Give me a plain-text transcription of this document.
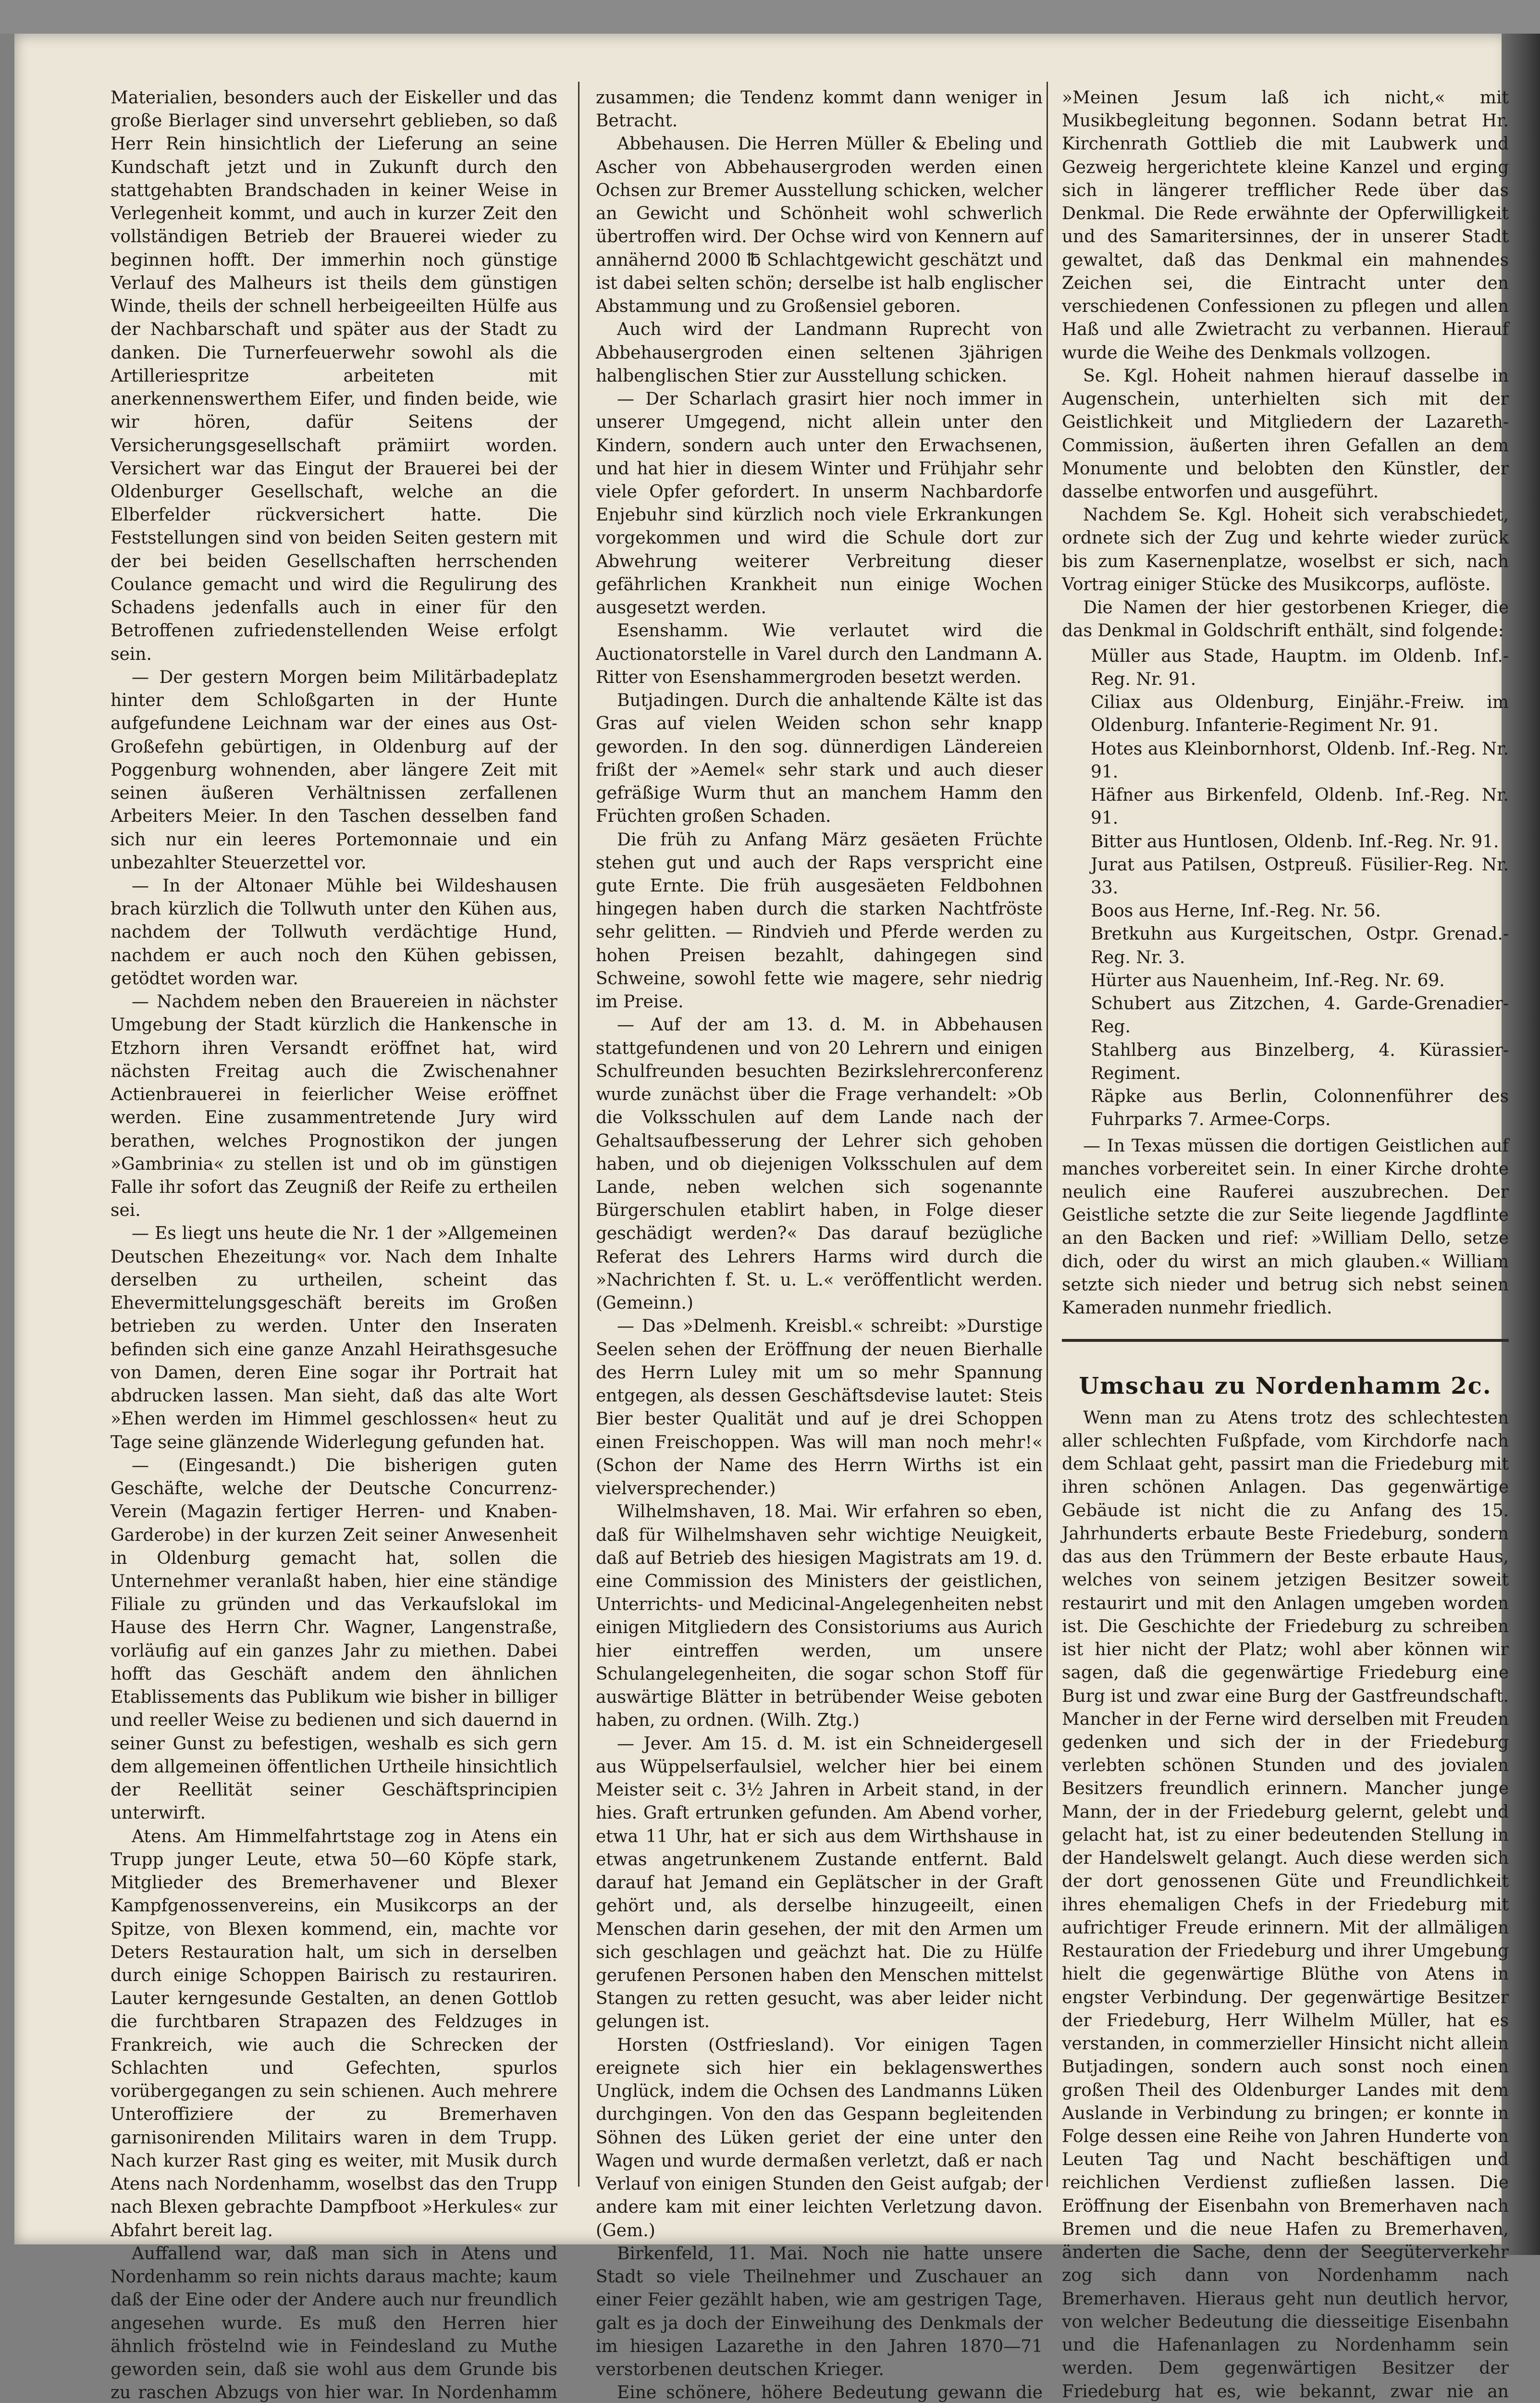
Materialien, besonders auch der Eiskeller und das große Bierlager sind unversehrt geblieben, so daß Herr Rein hinsichtlich der Lieferung an seine Kundschaft jetzt und in Zukunft durch den stattgehabten Brandschaden in keiner Weise in Verlegenheit kommt, und auch in kurzer Zeit den vollständigen Betrieb der Brauerei wieder zu beginnen hofft. Der immerhin noch günstige Verlauf des Malheurs ist theils dem günstigen Winde, theils der schnell herbeigeeilten Hülfe aus der Nachbarschaft und später aus der Stadt zu danken. Die Turnerfeuerwehr sowohl als die Artilleriespritze arbeiteten mit anerkennenswerthem Eifer, und finden beide, wie wir hören, dafür Seitens der Versicherungsgesellschaft prämiirt worden. Versichert war das Eingut der Brauerei bei der Oldenburger Gesellschaft, welche an die Elberfelder rückversichert hatte. Die Feststellungen sind von beiden Seiten gestern mit der bei beiden Gesellschaften herrschenden Coulance gemacht und wird die Regulirung des Schadens jedenfalls auch in einer für den Betroffenen zufriedenstellenden Weise erfolgt sein.

— Der gestern Morgen beim Militärbadeplatz hinter dem Schloßgarten in der Hunte aufgefundene Leichnam war der eines aus Ost-Großefehn gebürtigen, in Oldenburg auf der Poggenburg wohnenden, aber längere Zeit mit seinen äußeren Verhältnissen zerfallenen Arbeiters Meier. In den Taschen desselben fand sich nur ein leeres Portemonnaie und ein unbezahlter Steuerzettel vor.

— In der Altonaer Mühle bei Wildeshausen brach kürzlich die Tollwuth unter den Kühen aus, nachdem der Tollwuth verdächtige Hund, nachdem er auch noch den Kühen gebissen, getödtet worden war.

— Nachdem neben den Brauereien in nächster Umgebung der Stadt kürzlich die Hankensche in Etzhorn ihren Versandt eröffnet hat, wird nächsten Freitag auch die Zwischenahner Actienbrauerei in feierlicher Weise eröffnet werden. Eine zusammentretende Jury wird berathen, welches Prognostikon der jungen »Gambrinia« zu stellen ist und ob im günstigen Falle ihr sofort das Zeugniß der Reife zu ertheilen sei.

— Es liegt uns heute die Nr. 1 der »Allgemeinen Deutschen Ehezeitung« vor. Nach dem Inhalte derselben zu urtheilen, scheint das Ehevermittelungsgeschäft bereits im Großen betrieben zu werden. Unter den Inseraten befinden sich eine ganze Anzahl Heirathsgesuche von Damen, deren Eine sogar ihr Portrait hat abdrucken lassen. Man sieht, daß das alte Wort »Ehen werden im Himmel geschlossen« heut zu Tage seine glänzende Widerlegung gefunden hat.

— (Eingesandt.) Die bisherigen guten Geschäfte, welche der Deutsche Concurrenz-Verein (Magazin fertiger Herren- und Knaben-Garderobe) in der kurzen Zeit seiner Anwesenheit in Oldenburg gemacht hat, sollen die Unternehmer veranlaßt haben, hier eine ständige Filiale zu gründen und das Verkaufslokal im Hause des Herrn Chr. Wagner, Langenstraße, vorläufig auf ein ganzes Jahr zu miethen. Dabei hofft das Geschäft andem den ähnlichen Etablissements das Publikum wie bisher in billiger und reeller Weise zu bedienen und sich dauernd in seiner Gunst zu befestigen, weshalb es sich gern dem allgemeinen öffentlichen Urtheile hinsichtlich der Reellität seiner Geschäftsprincipien unterwirft.

Atens. Am Himmelfahrtstage zog in Atens ein Trupp junger Leute, etwa 50—60 Köpfe stark, Mitglieder des Bremerhavener und Blexer Kampfgenossenvereins, ein Musikcorps an der Spitze, von Blexen kommend, ein, machte vor Deters Restauration halt, um sich in derselben durch einige Schoppen Bairisch zu restauriren. Lauter kerngesunde Gestalten, an denen Gottlob die furchtbaren Strapazen des Feldzuges in Frankreich, wie auch die Schrecken der Schlachten und Gefechten, spurlos vorübergegangen zu sein schienen. Auch mehrere Unteroffiziere der zu Bremerhaven garnisonirenden Militairs waren in dem Trupp. Nach kurzer Rast ging es weiter, mit Musik durch Atens nach Nordenhamm, woselbst das den Trupp nach Blexen gebrachte Dampfboot »Herkules« zur Abfahrt bereit lag.

Auffallend war, daß man sich in Atens und Nordenhamm so rein nichts daraus machte; kaum daß der Eine oder der Andere auch nur freundlich angesehen wurde. Es muß den Herren hier ähnlich fröstelnd wie in Feindesland zu Muthe geworden sein, daß sie wohl aus dem Grunde bis zu raschen Abzugs von hier war. In Nordenhamm

zusammen; die Tendenz kommt dann weniger in Betracht.

Abbehausen. Die Herren Müller & Ebeling und Ascher von Abbehausergroden werden einen Ochsen zur Bremer Ausstellung schicken, welcher an Gewicht und Schönheit wohl schwerlich übertroffen wird. Der Ochse wird von Kennern auf annähernd 2000 ℔ Schlachtgewicht geschätzt und ist dabei selten schön; derselbe ist halb englischer Abstammung und zu Großensiel geboren.

Auch wird der Landmann Ruprecht von Abbehausergroden einen seltenen 3jährigen halbenglischen Stier zur Ausstellung schicken.

— Der Scharlach grasirt hier noch immer in unserer Umgegend, nicht allein unter den Kindern, sondern auch unter den Erwachsenen, und hat hier in diesem Winter und Frühjahr sehr viele Opfer gefordert. In unserm Nachbardorfe Enjebuhr sind kürzlich noch viele Erkrankungen vorgekommen und wird die Schule dort zur Abwehrung weiterer Verbreitung dieser gefährlichen Krankheit nun einige Wochen ausgesetzt werden.

Esenshamm. Wie verlautet wird die Auctionatorstelle in Varel durch den Landmann A. Ritter von Esenshammergroden besetzt werden.

Butjadingen. Durch die anhaltende Kälte ist das Gras auf vielen Weiden schon sehr knapp geworden. In den sog. dünnerdigen Ländereien frißt der »Aemel« sehr stark und auch dieser gefräßige Wurm thut an manchem Hamm den Früchten großen Schaden.

Die früh zu Anfang März gesäeten Früchte stehen gut und auch der Raps verspricht eine gute Ernte. Die früh ausgesäeten Feldbohnen hingegen haben durch die starken Nachtfröste sehr gelitten. — Rindvieh und Pferde werden zu hohen Preisen bezahlt, dahingegen sind Schweine, sowohl fette wie magere, sehr niedrig im Preise.

— Auf der am 13. d. M. in Abbehausen stattgefundenen und von 20 Lehrern und einigen Schulfreunden besuchten Bezirkslehrerconferenz wurde zunächst über die Frage verhandelt: »Ob die Volksschulen auf dem Lande nach der Gehaltsaufbesserung der Lehrer sich gehoben haben, und ob diejenigen Volksschulen auf dem Lande, neben welchen sich sogenannte Bürgerschulen etablirt haben, in Folge dieser geschädigt werden?« Das darauf bezügliche Referat des Lehrers Harms wird durch die »Nachrichten f. St. u. L.« veröffentlicht werden. (Gemeinn.)

— Das »Delmenh. Kreisbl.« schreibt: »Durstige Seelen sehen der Eröffnung der neuen Bierhalle des Herrn Luley mit um so mehr Spannung entgegen, als dessen Geschäftsdevise lautet: Steis Bier bester Qualität und auf je drei Schoppen einen Freischoppen. Was will man noch mehr!« (Schon der Name des Herrn Wirths ist ein vielversprechender.)

Wilhelmshaven, 18. Mai. Wir erfahren so eben, daß für Wilhelmshaven sehr wichtige Neuigkeit, daß auf Betrieb des hiesigen Magistrats am 19. d. eine Commission des Ministers der geistlichen, Unterrichts- und Medicinal-Angelegenheiten nebst einigen Mitgliedern des Consistoriums aus Aurich hier eintreffen werden, um unsere Schulangelegenheiten, die sogar schon Stoff für auswärtige Blätter in betrübender Weise geboten haben, zu ordnen. (Wilh. Ztg.)

— Jever. Am 15. d. M. ist ein Schneidergesell aus Wüppelserfaulsiel, welcher hier bei einem Meister seit c. 3½ Jahren in Arbeit stand, in der hies. Graft ertrunken gefunden. Am Abend vorher, etwa 11 Uhr, hat er sich aus dem Wirthshause in etwas angetrunkenem Zustande entfernt. Bald darauf hat Jemand ein Geplätscher in der Graft gehört und, als derselbe hinzugeeilt, einen Menschen darin gesehen, der mit den Armen um sich geschlagen und geächzt hat. Die zu Hülfe gerufenen Personen haben den Menschen mittelst Stangen zu retten gesucht, was aber leider nicht gelungen ist.

Horsten (Ostfriesland). Vor einigen Tagen ereignete sich hier ein beklagenswerthes Unglück, indem die Ochsen des Landmanns Lüken durchgingen. Von den das Gespann begleitenden Söhnen des Lüken geriet der eine unter den Wagen und wurde dermaßen verletzt, daß er nach Verlauf von einigen Stunden den Geist aufgab; der andere kam mit einer leichten Verletzung davon. (Gem.)

Birkenfeld, 11. Mai. Noch nie hatte unsere Stadt so viele Theilnehmer und Zuschauer an einer Feier gezählt haben, wie am gestrigen Tage, galt es ja doch der Einweihung des Denkmals der im hiesigen Lazarethe in den Jahren 1870—71 verstorbenen deutschen Krieger.

Eine schönere, höhere Bedeutung gewann die

»Meinen Jesum laß ich nicht,« mit Musikbegleitung begonnen. Sodann betrat Hr. Kirchenrath Gottlieb die mit Laubwerk und Gezweig hergerichtete kleine Kanzel und erging sich in längerer trefflicher Rede über das Denkmal. Die Rede erwähnte der Opferwilligkeit und des Samaritersinnes, der in unserer Stadt gewaltet, daß das Denkmal ein mahnendes Zeichen sei, die Eintracht unter den verschiedenen Confessionen zu pflegen und allen Haß und alle Zwietracht zu verbannen. Hierauf wurde die Weihe des Denkmals vollzogen.

Se. Kgl. Hoheit nahmen hierauf dasselbe in Augenschein, unterhielten sich mit der Geistlichkeit und Mitgliedern der Lazareth-Commission, äußerten ihren Gefallen an dem Monumente und belobten den Künstler, der dasselbe entworfen und ausgeführt.

Nachdem Se. Kgl. Hoheit sich verabschiedet, ordnete sich der Zug und kehrte wieder zurück bis zum Kasernenplatze, woselbst er sich, nach Vortrag einiger Stücke des Musikcorps, auflöste.

Die Namen der hier gestorbenen Krieger, die das Denkmal in Goldschrift enthält, sind folgende:

Müller aus Stade, Hauptm. im Oldenb. Inf.-Reg. Nr. 91.
Ciliax aus Oldenburg, Einjähr.-Freiw. im Oldenburg. Infanterie-Regiment Nr. 91.
Hotes aus Kleinbornhorst, Oldenb. Inf.-Reg. Nr. 91.
Häfner aus Birkenfeld, Oldenb. Inf.-Reg. Nr. 91.
Bitter aus Huntlosen, Oldenb. Inf.-Reg. Nr. 91.
Jurat aus Patilsen, Ostpreuß. Füsilier-Reg. Nr. 33.
Boos aus Herne, Inf.-Reg. Nr. 56.
Bretkuhn aus Kurgeitschen, Ostpr. Grenad.-Reg. Nr. 3.
Hürter aus Nauenheim, Inf.-Reg. Nr. 69.
Schubert aus Zitzchen, 4. Garde-Grenadier-Reg.
Stahlberg aus Binzelberg, 4. Kürassier-Regiment.
Räpke aus Berlin, Colonnenführer des Fuhrparks 7. Armee-Corps.

— In Texas müssen die dortigen Geistlichen auf manches vorbereitet sein. In einer Kirche drohte neulich eine Rauferei auszubrechen. Der Geistliche setzte die zur Seite liegende Jagdflinte an den Backen und rief: »William Dello, setze dich, oder du wirst an mich glauben.« William setzte sich nieder und betrug sich nebst seinen Kameraden nunmehr friedlich.

Umschau zu Nordenhamm 2c.

Wenn man zu Atens trotz des schlechtesten aller schlechten Fußpfade, vom Kirchdorfe nach dem Schlaat geht, passirt man die Friedeburg mit ihren schönen Anlagen. Das gegenwärtige Gebäude ist nicht die zu Anfang des 15. Jahrhunderts erbaute Beste Friedeburg, sondern das aus den Trümmern der Beste erbaute Haus, welches von seinem jetzigen Besitzer soweit restaurirt und mit den Anlagen umgeben worden ist. Die Geschichte der Friedeburg zu schreiben ist hier nicht der Platz; wohl aber können wir sagen, daß die gegenwärtige Friedeburg eine Burg ist und zwar eine Burg der Gastfreundschaft. Mancher in der Ferne wird derselben mit Freuden gedenken und sich der in der Friedeburg verlebten schönen Stunden und des jovialen Besitzers freundlich erinnern. Mancher junge Mann, der in der Friedeburg gelernt, gelebt und gelacht hat, ist zu einer bedeutenden Stellung in der Handelswelt gelangt. Auch diese werden sich der dort genossenen Güte und Freundlichkeit ihres ehemaligen Chefs in der Friedeburg mit aufrichtiger Freude erinnern. Mit der allmäligen Restauration der Friedeburg und ihrer Umgebung hielt die gegenwärtige Blüthe von Atens in engster Verbindung. Der gegenwärtige Besitzer der Friedeburg, Herr Wilhelm Müller, hat es verstanden, in commerzieller Hinsicht nicht allein Butjadingen, sondern auch sonst noch einen großen Theil des Oldenburger Landes mit dem Auslande in Verbindung zu bringen; er konnte in Folge dessen eine Reihe von Jahren Hunderte von Leuten Tag und Nacht beschäftigen und reichlichen Verdienst zufließen lassen. Die Eröffnung der Eisenbahn von Bremerhaven nach Bremen und die neue Hafen zu Bremerhaven, änderten die Sache, denn der Seegüterverkehr zog sich dann von Nordenhamm nach Bremerhaven. Hieraus geht nun deutlich hervor, von welcher Bedeutung die diesseitige Eisenbahn und die Hafenanlagen zu Nordenhamm sein werden. Dem gegenwärtigen Besitzer der Friedeburg hat es, wie bekannt, zwar nie an
